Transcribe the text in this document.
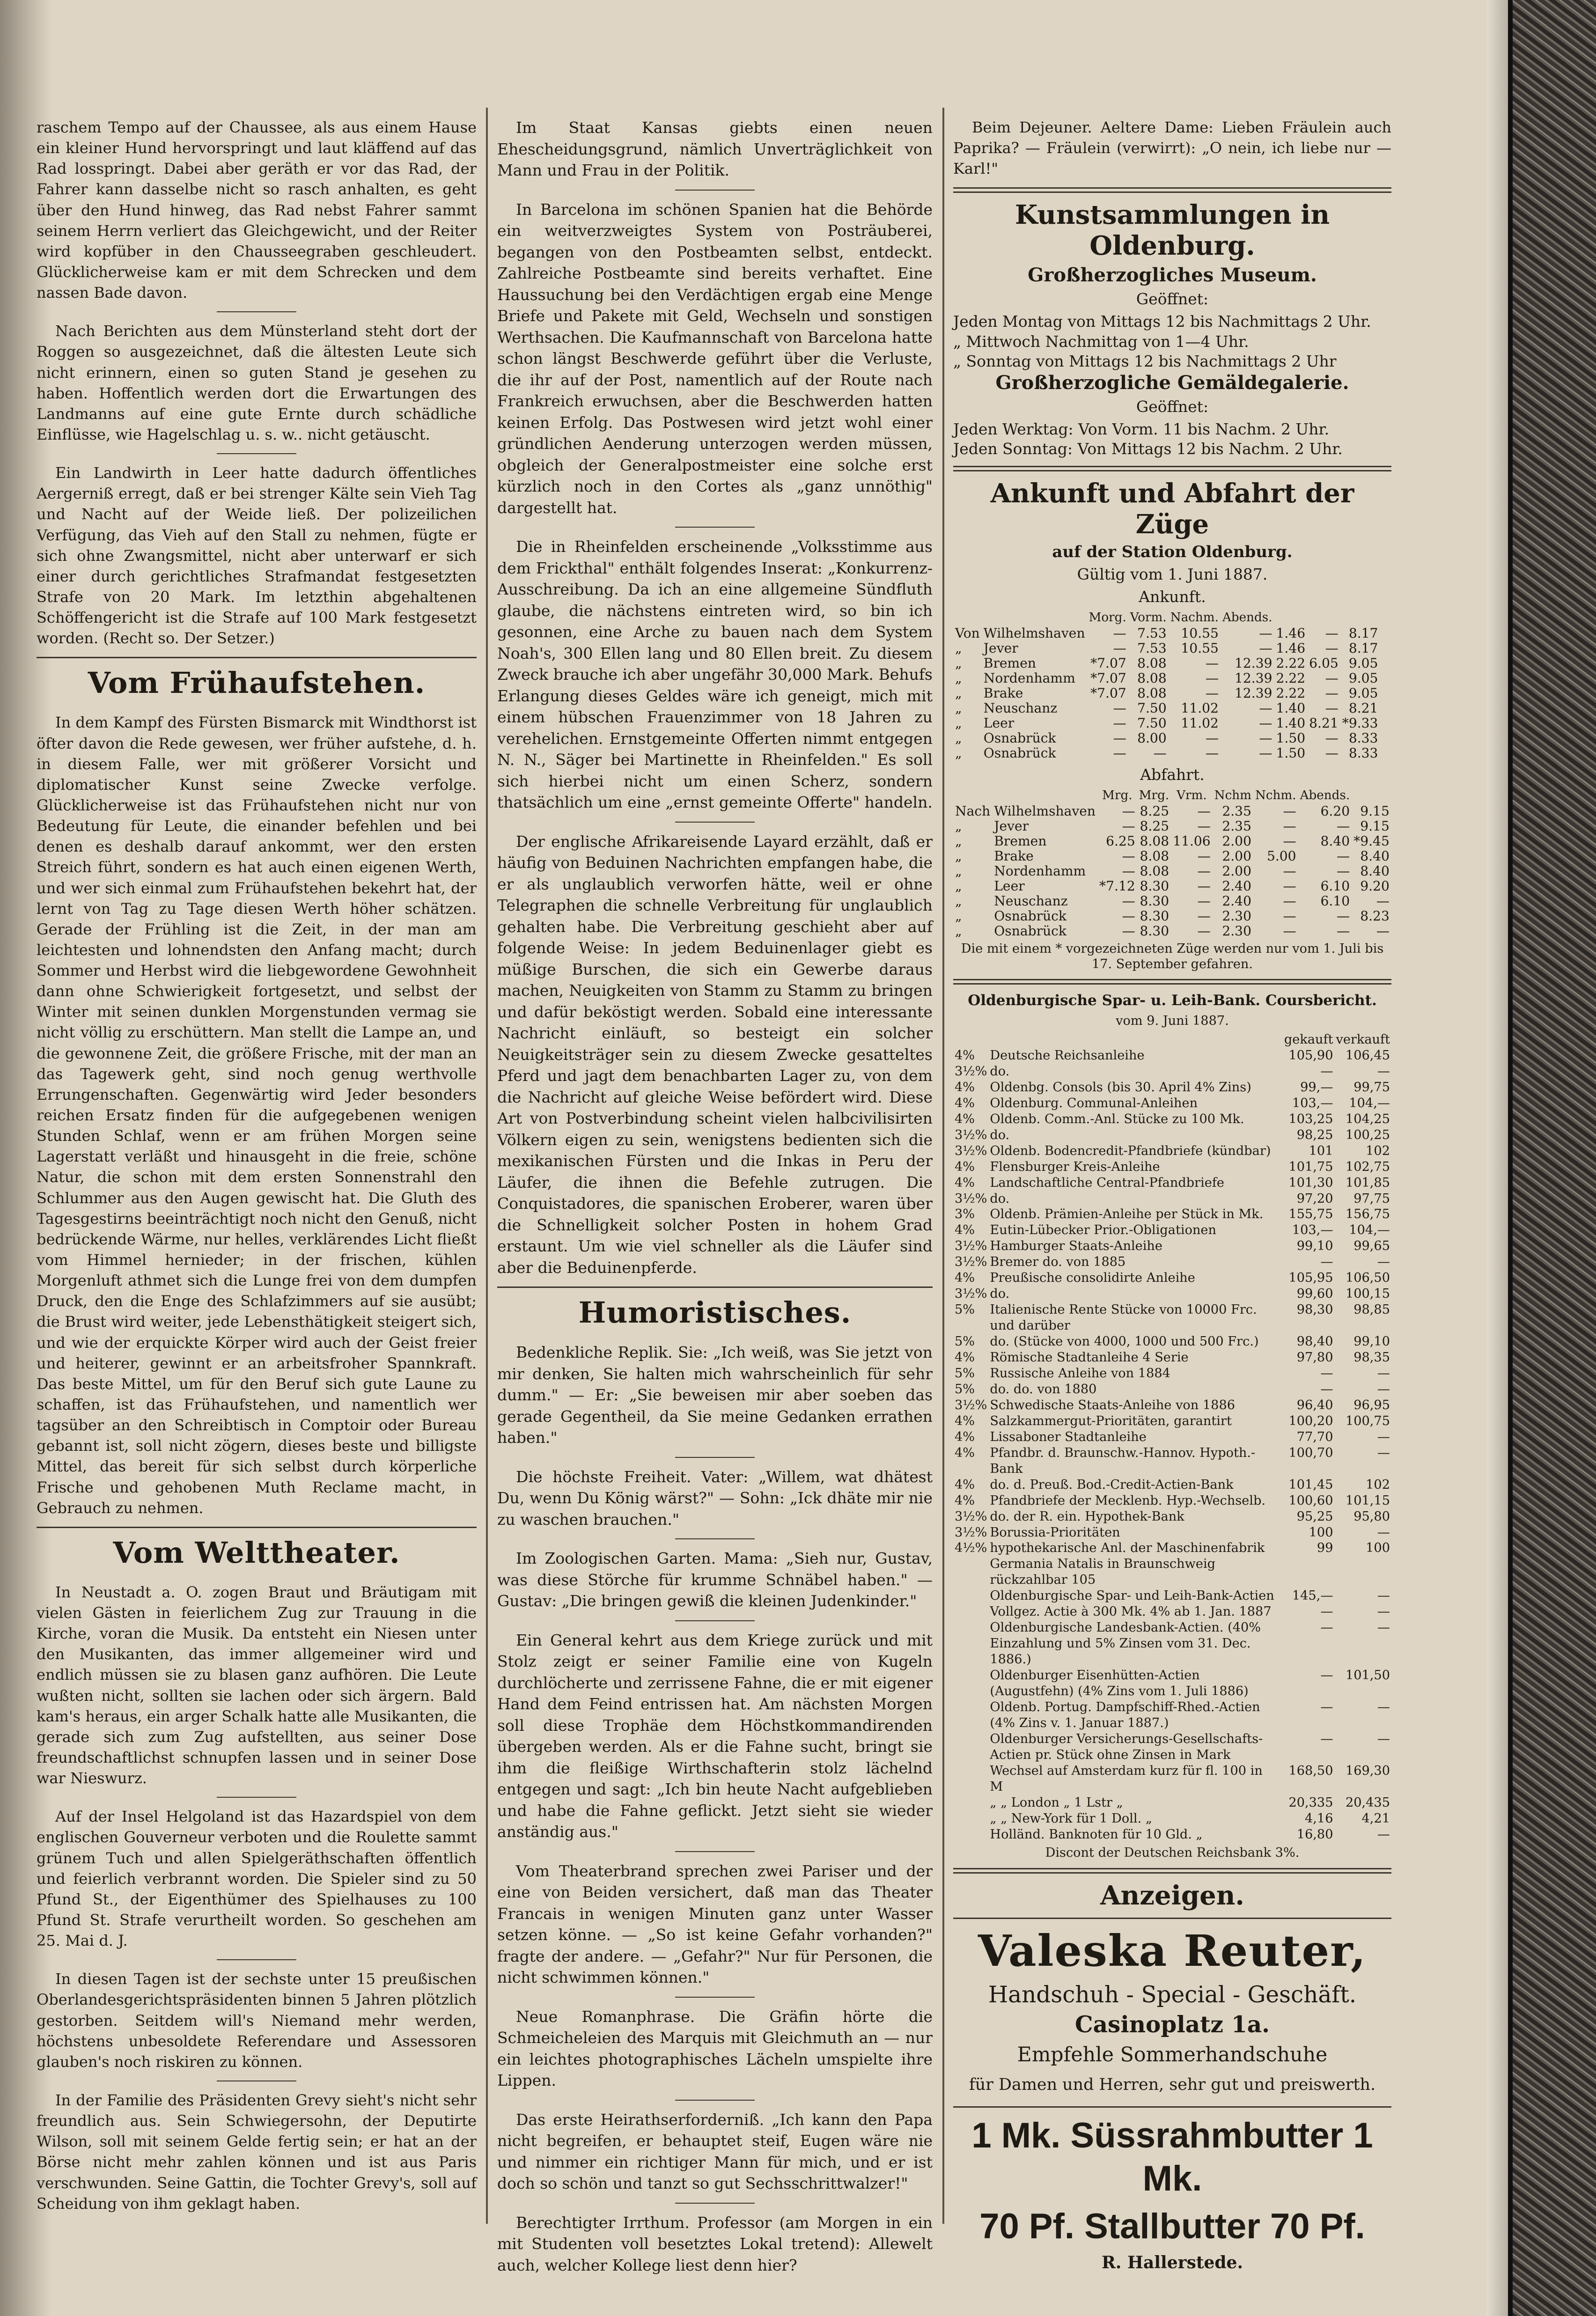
raschem Tempo auf der Chaussee, als aus einem Hause ein kleiner Hund hervorspringt und laut kläffend auf das Rad losspringt. Dabei aber geräth er vor das Rad, der Fahrer kann dasselbe nicht so rasch anhalten, es geht über den Hund hinweg, das Rad nebst Fahrer sammt seinem Herrn verliert das Gleichgewicht, und der Reiter wird kopfüber in den Chausseegraben geschleudert. Glücklicherweise kam er mit dem Schrecken und dem nassen Bade davon.

Nach Berichten aus dem Münsterland steht dort der Roggen so ausgezeichnet, daß die ältesten Leute sich nicht erinnern, einen so guten Stand je gesehen zu haben. Hoffentlich werden dort die Erwartungen des Landmanns auf eine gute Ernte durch schädliche Einflüsse, wie Hagelschlag u. s. w.. nicht getäuscht.

Ein Landwirth in Leer hatte dadurch öffentliches Aergerniß erregt, daß er bei strenger Kälte sein Vieh Tag und Nacht auf der Weide ließ. Der polizeilichen Verfügung, das Vieh auf den Stall zu nehmen, fügte er sich ohne Zwangsmittel, nicht aber unterwarf er sich einer durch gerichtliches Strafmandat festgesetzten Strafe von 20 Mark. Im letzthin abgehaltenen Schöffengericht ist die Strafe auf 100 Mark festgesetzt worden. (Recht so. Der Setzer.)

Vom Frühaufstehen.

In dem Kampf des Fürsten Bismarck mit Windthorst ist öfter davon die Rede gewesen, wer früher aufstehe, d. h. in diesem Falle, wer mit größerer Vorsicht und diplomatischer Kunst seine Zwecke verfolge. Glücklicherweise ist das Frühaufstehen nicht nur von Bedeutung für Leute, die einander befehlen und bei denen es deshalb darauf ankommt, wer den ersten Streich führt, sondern es hat auch einen eigenen Werth, und wer sich einmal zum Frühaufstehen bekehrt hat, der lernt von Tag zu Tage diesen Werth höher schätzen. Gerade der Frühling ist die Zeit, in der man am leichtesten und lohnendsten den Anfang macht; durch Sommer und Herbst wird die liebgewordene Gewohnheit dann ohne Schwierigkeit fortgesetzt, und selbst der Winter mit seinen dunklen Morgenstunden vermag sie nicht völlig zu erschüttern. Man stellt die Lampe an, und die gewonnene Zeit, die größere Frische, mit der man an das Tagewerk geht, sind noch genug werthvolle Errungenschaften. Gegenwärtig wird Jeder besonders reichen Ersatz finden für die aufgegebenen wenigen Stunden Schlaf, wenn er am frühen Morgen seine Lagerstatt verläßt und hinausgeht in die freie, schöne Natur, die schon mit dem ersten Sonnenstrahl den Schlummer aus den Augen gewischt hat. Die Gluth des Tagesgestirns beeinträchtigt noch nicht den Genuß, nicht bedrückende Wärme, nur helles, verklärendes Licht fließt vom Himmel hernieder; in der frischen, kühlen Morgenluft athmet sich die Lunge frei von dem dumpfen Druck, den die Enge des Schlafzimmers auf sie ausübt; die Brust wird weiter, jede Lebensthätigkeit steigert sich, und wie der erquickte Körper wird auch der Geist freier und heiterer, gewinnt er an arbeitsfroher Spannkraft. Das beste Mittel, um für den Beruf sich gute Laune zu schaffen, ist das Frühaufstehen, und namentlich wer tagsüber an den Schreibtisch in Comptoir oder Bureau gebannt ist, soll nicht zögern, dieses beste und billigste Mittel, das bereit für sich selbst durch körperliche Frische und gehobenen Muth Reclame macht, in Gebrauch zu nehmen.

Vom Welttheater.

In Neustadt a. O. zogen Braut und Bräutigam mit vielen Gästen in feierlichem Zug zur Trauung in die Kirche, voran die Musik. Da entsteht ein Niesen unter den Musikanten, das immer allgemeiner wird und endlich müssen sie zu blasen ganz aufhören. Die Leute wußten nicht, sollten sie lachen oder sich ärgern. Bald kam's heraus, ein arger Schalk hatte alle Musikanten, die gerade sich zum Zug aufstellten, aus seiner Dose freundschaftlichst schnupfen lassen und in seiner Dose war Nieswurz.

Auf der Insel Helgoland ist das Hazardspiel von dem englischen Gouverneur verboten und die Roulette sammt grünem Tuch und allen Spielgeräthschaften öffentlich und feierlich verbrannt worden. Die Spieler sind zu 50 Pfund St., der Eigenthümer des Spielhauses zu 100 Pfund St. Strafe verurtheilt worden. So geschehen am 25. Mai d. J.

In diesen Tagen ist der sechste unter 15 preußischen Oberlandesgerichtspräsidenten binnen 5 Jahren plötzlich gestorben. Seitdem will's Niemand mehr werden, höchstens unbesoldete Referendare und Assessoren glauben's noch riskiren zu können.

In der Familie des Präsidenten Grevy sieht's nicht sehr freundlich aus. Sein Schwiegersohn, der Deputirte Wilson, soll mit seinem Gelde fertig sein; er hat an der Börse nicht mehr zahlen können und ist aus Paris verschwunden. Seine Gattin, die Tochter Grevy's, soll auf Scheidung von ihm geklagt haben.

Im Staat Kansas giebts einen neuen Ehescheidungsgrund, nämlich Unverträglichkeit von Mann und Frau in der Politik.

In Barcelona im schönen Spanien hat die Behörde ein weitverzweigtes System von Posträuberei, begangen von den Postbeamten selbst, entdeckt. Zahlreiche Postbeamte sind bereits verhaftet. Eine Haussuchung bei den Verdächtigen ergab eine Menge Briefe und Pakete mit Geld, Wechseln und sonstigen Werthsachen. Die Kaufmannschaft von Barcelona hatte schon längst Beschwerde geführt über die Verluste, die ihr auf der Post, namentlich auf der Route nach Frankreich erwuchsen, aber die Beschwerden hatten keinen Erfolg. Das Postwesen wird jetzt wohl einer gründlichen Aenderung unterzogen werden müssen, obgleich der Generalpostmeister eine solche erst kürzlich noch in den Cortes als „ganz unnöthig" dargestellt hat.

Die in Rheinfelden erscheinende „Volksstimme aus dem Frickthal" enthält folgendes Inserat: „Konkurrenz-Ausschreibung. Da ich an eine allgemeine Sündfluth glaube, die nächstens eintreten wird, so bin ich gesonnen, eine Arche zu bauen nach dem System Noah's, 300 Ellen lang und 80 Ellen breit. Zu diesem Zweck brauche ich aber ungefähr 30,000 Mark. Behufs Erlangung dieses Geldes wäre ich geneigt, mich mit einem hübschen Frauenzimmer von 18 Jahren zu verehelichen. Ernstgemeinte Offerten nimmt entgegen N. N., Säger bei Martinette in Rheinfelden." Es soll sich hierbei nicht um einen Scherz, sondern thatsächlich um eine „ernst gemeinte Offerte" handeln.

Der englische Afrikareisende Layard erzählt, daß er häufig von Beduinen Nachrichten empfangen habe, die er als unglaublich verworfen hätte, weil er ohne Telegraphen die schnelle Verbreitung für unglaublich gehalten habe. Die Verbreitung geschieht aber auf folgende Weise: In jedem Beduinenlager giebt es müßige Burschen, die sich ein Gewerbe daraus machen, Neuigkeiten von Stamm zu Stamm zu bringen und dafür beköstigt werden. Sobald eine interessante Nachricht einläuft, so besteigt ein solcher Neuigkeitsträger sein zu diesem Zwecke gesatteltes Pferd und jagt dem benachbarten Lager zu, von dem die Nachricht auf gleiche Weise befördert wird. Diese Art von Postverbindung scheint vielen halbcivilisirten Völkern eigen zu sein, wenigstens bedienten sich die mexikanischen Fürsten und die Inkas in Peru der Läufer, die ihnen die Befehle zutrugen. Die Conquistadores, die spanischen Eroberer, waren über die Schnelligkeit solcher Posten in hohem Grad erstaunt. Um wie viel schneller als die Läufer sind aber die Beduinenpferde.

Humoristisches.

Bedenkliche Replik. Sie: „Ich weiß, was Sie jetzt von mir denken, Sie halten mich wahrscheinlich für sehr dumm." — Er: „Sie beweisen mir aber soeben das gerade Gegentheil, da Sie meine Gedanken errathen haben."

Die höchste Freiheit. Vater: „Willem, wat dhätest Du, wenn Du König wärst?" — Sohn: „Ick dhäte mir nie zu waschen brauchen."

Im Zoologischen Garten. Mama: „Sieh nur, Gustav, was diese Störche für krumme Schnäbel haben." — Gustav: „Die bringen gewiß die kleinen Judenkinder."

Ein General kehrt aus dem Kriege zurück und mit Stolz zeigt er seiner Familie eine von Kugeln durchlöcherte und zerrissene Fahne, die er mit eigener Hand dem Feind entrissen hat. Am nächsten Morgen soll diese Trophäe dem Höchstkommandirenden übergeben werden. Als er die Fahne sucht, bringt sie ihm die fleißige Wirthschafterin stolz lächelnd entgegen und sagt: „Ich bin heute Nacht aufgeblieben und habe die Fahne geflickt. Jetzt sieht sie wieder anständig aus."

Vom Theaterbrand sprechen zwei Pariser und der eine von Beiden versichert, daß man das Theater Francais in wenigen Minuten ganz unter Wasser setzen könne. — „So ist keine Gefahr vorhanden?" fragte der andere. — „Gefahr?" Nur für Personen, die nicht schwimmen können."

Neue Romanphrase. Die Gräfin hörte die Schmeicheleien des Marquis mit Gleichmuth an — nur ein leichtes photographisches Lächeln umspielte ihre Lippen.

Das erste Heirathserforderniß. „Ich kann den Papa nicht begreifen, er behauptet steif, Eugen wäre nie und nimmer ein richtiger Mann für mich, und er ist doch so schön und tanzt so gut Sechsschrittwalzer!"

Berechtigter Irrthum. Professor (am Morgen in ein mit Studenten voll besetztes Lokal tretend): Allewelt auch, welcher Kollege liest denn hier?

Beim Dejeuner. Aeltere Dame: Lieben Fräulein auch Paprika? — Fräulein (verwirrt): „O nein, ich liebe nur — Karl!"

Kunstsammlungen in Oldenburg.
Großherzogliches Museum.
Geöffnet:
Jeden Montag von Mittags 12 bis Nachmittags 2 Uhr.
„ Mittwoch Nachmittag von 1—4 Uhr.
„ Sonntag von Mittags 12 bis Nachmittags 2 Uhr
Großherzogliche Gemäldegalerie.
Geöffnet:
Jeden Werktag: Von Vorm. 11 bis Nachm. 2 Uhr.
Jeden Sonntag: Von Mittags 12 bis Nachm. 2 Uhr.
Ankunft und Abfahrt der Züge
auf der Station Oldenburg.
Gültig vom 1. Juni 1887.
Ankunft.
		Morg.	Vorm.	Nachm.	Abends.			
Von	Wilhelmshaven	—	7.53	10.55	—	1.46	—	8.17
„	Jever	—	7.53	10.55	—	1.46	—	8.17
„	Bremen	*7.07	8.08	—	12.39	2.22	6.05	9.05
„	Nordenhamm	*7.07	8.08	—	12.39	2.22	—	9.05
„	Brake	*7.07	8.08	—	12.39	2.22	—	9.05
„	Neuschanz	—	7.50	11.02	—	1.40	—	8.21
„	Leer	—	7.50	11.02	—	1.40	8.21	*9.33
„	Osnabrück	—	8.00	—	—	1.50	—	8.33
„	Osnabrück	—	—	—	—	1.50	—	8.33
Abfahrt.
		Mrg.	Mrg.	Vrm.	Nchm	Nchm.	Abends.	
Nach	Wilhelmshaven	—	8.25	—	2.35	—	6.20	9.15
„	Jever	—	8.25	—	2.35	—	—	9.15
„	Bremen	6.25	8.08	11.06	2.00	—	8.40	*9.45
„	Brake	—	8.08	—	2.00	5.00	—	8.40
„	Nordenhamm	—	8.08	—	2.00	—	—	8.40
„	Leer	*7.12	8.30	—	2.40	—	6.10	9.20
„	Neuschanz	—	8.30	—	2.40	—	6.10	—
„	Osnabrück	—	8.30	—	2.30	—	—	8.23
„	Osnabrück	—	8.30	—	2.30	—	—	—
Die mit einem * vorgezeichneten Züge werden nur vom 1. Juli bis 17. September gefahren.
Oldenburgische Spar- u. Leih-Bank. Coursbericht.
vom 9. Juni 1887.
		gekauft	verkauft
4%	Deutsche Reichsanleihe	105,90	106,45
3½%	do.	—	—
4%	Oldenbg. Consols (bis 30. April 4% Zins)	99,—	99,75
4%	Oldenburg. Communal-Anleihen	103,—	104,—
4%	Oldenb. Comm.-Anl. Stücke zu 100 Mk.	103,25	104,25
3½%	do.	98,25	100,25
3½%	Oldenb. Bodencredit-Pfandbriefe (kündbar)	101	102
4%	Flensburger Kreis-Anleihe	101,75	102,75
4%	Landschaftliche Central-Pfandbriefe	101,30	101,85
3½%	do.	97,20	97,75
3%	Oldenb. Prämien-Anleihe per Stück in Mk.	155,75	156,75
4%	Eutin-Lübecker Prior.-Obligationen	103,—	104,—
3½%	Hamburger Staats-Anleihe	99,10	99,65
3½%	Bremer do. von 1885	—	—
4%	Preußische consolidirte Anleihe	105,95	106,50
3½%	do.	99,60	100,15
5%	Italienische Rente Stücke von 10000 Frc. und darüber	98,30	98,85
5%	do. (Stücke von 4000, 1000 und 500 Frc.)	98,40	99,10
4%	Römische Stadtanleihe 4 Serie	97,80	98,35
5%	Russische Anleihe von 1884	—	—
5%	do. do. von 1880	—	—
3½%	Schwedische Staats-Anleihe von 1886	96,40	96,95
4%	Salzkammergut-Prioritäten, garantirt	100,20	100,75
4%	Lissaboner Stadtanleihe	77,70	—
4%	Pfandbr. d. Braunschw.-Hannov. Hypoth.-Bank	100,70	—
4%	do. d. Preuß. Bod.-Credit-Actien-Bank	101,45	102
4%	Pfandbriefe der Mecklenb. Hyp.-Wechselb.	100,60	101,15
3½%	do. der R. ein. Hypothek-Bank	95,25	95,80
3½%	Borussia-Prioritäten	100	—
4½%	hypothekarische Anl. der Maschinenfabrik Germania Natalis in Braunschweig rückzahlbar 105	99	100
	Oldenburgische Spar- und Leih-Bank-Actien	145,—	—
	Vollgez. Actie à 300 Mk. 4% ab 1. Jan. 1887	—	—
	Oldenburgische Landesbank-Actien. (40% Einzahlung und 5% Zinsen vom 31. Dec. 1886.)	—	—
	Oldenburger Eisenhütten-Actien (Augustfehn) (4% Zins vom 1. Juli 1886)	—	101,50
	Oldenb. Portug. Dampfschiff-Rhed.-Actien (4% Zins v. 1. Januar 1887.)	—	—
	Oldenburger Versicherungs-Gesellschafts-Actien pr. Stück ohne Zinsen in Mark	—	—
	Wechsel auf Amsterdam kurz für fl. 100 in M	168,50	169,30
	„ „ London „ 1 Lstr „	20,335	20,435
	„ „ New-York für 1 Doll. „	4,16	4,21
	Holländ. Banknoten für 10 Gld. „	16,80	—
Discont der Deutschen Reichsbank 3%.
Anzeigen.
Valeska Reuter,
Handschuh - Special - Geschäft.
Casinoplatz 1a.
Empfehle Sommerhandschuhe
für Damen und Herren, sehr gut und preiswerth.
1 Mk. Süssrahmbutter 1 Mk.
70 Pf. Stallbutter 70 Pf.
R. Hallerstede.
